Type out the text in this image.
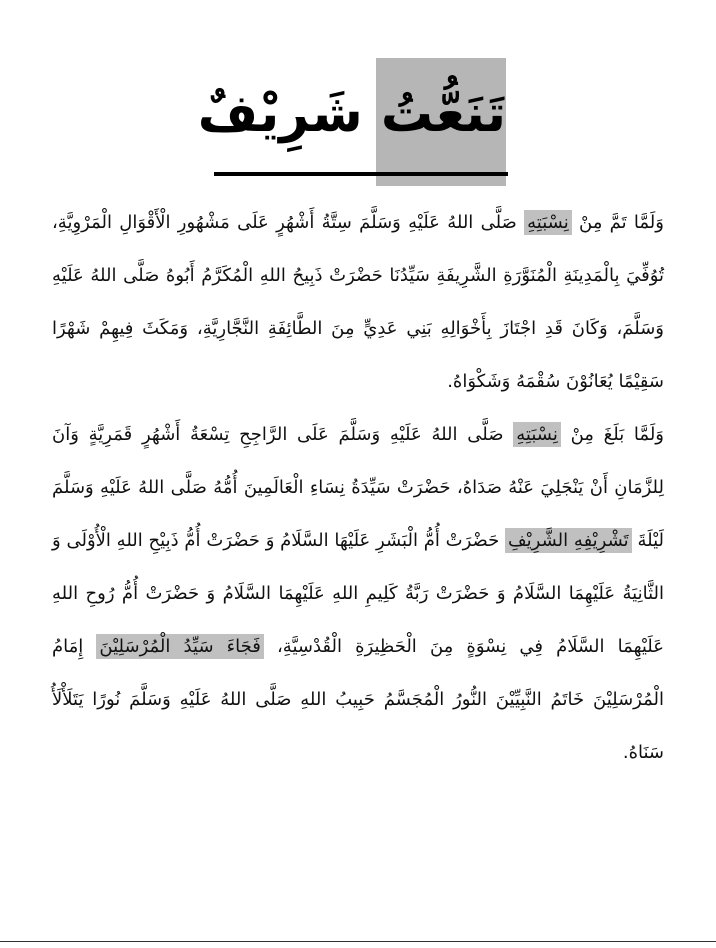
تَنَعُّتُ شَرِيْفٌ

وَلَمَّا تَمَّ مِنْ نِسْبَتِهِ صَلَّى اللهُ عَلَيْهِ وَسَلَّمَ سِتَّةُ أَشْهُرٍ عَلَى مَشْهُورِ الْأَقْوَالِ الْمَرْوِيَّةِ، تُوُفِّيَ بِالْمَدِينَةِ الْمُنَوَّرَةِ الشَّرِيفَةِ سَيِّدُنَا حَضْرَتْ ذَبِيحُ اللهِ الْمُكَرَّمُ أَبُوهُ صَلَّى اللهُ عَلَيْهِ وَسَلَّمَ، وَكَانَ قَدِ اجْتَازَ بِأَخْوَالِهِ بَنِي عَدِيٍّ مِنَ الطَّائِفَةِ النَّجَّارِيَّةِ، وَمَكَثَ فِيهِمْ شَهْرًا سَقِيْمًا يُعَانُوْنَ سُقْمَهُ وَشَكْوَاهُ.

وَلَمَّا بَلَغَ مِنْ نِسْبَتِهِ صَلَّى اللهُ عَلَيْهِ وَسَلَّمَ عَلَى الرَّاجِحِ تِسْعَةُ أَشْهُرٍ قَمَرِيَّةٍ وَآنَ لِلزَّمَانِ أَنْ يَنْجَلِيَ عَنْهُ صَدَاهُ، حَضْرَتْ سَيِّدَةُ نِسَاءِ الْعَالَمِينَ أُمُّهُ صَلَّى اللهُ عَلَيْهِ وَسَلَّمَ لَيْلَةَ تَشْرِيْفِهِ الشَّرِيْفِ حَضْرَتْ أُمُّ الْبَشَرِ عَلَيْهَا السَّلَامُ وَ حَضْرَتْ أُمُّ ذَبِيْحِ اللهِ الْأُوْلَى وَ الثَّانِيَةُ عَلَيْهِمَا السَّلَامُ وَ حَضْرَتْ رَبَّةُ كَلِيمِ اللهِ عَلَيْهِمَا السَّلَامُ وَ حَضْرَتْ أُمُّ رُوحِ اللهِ عَلَيْهِمَا السَّلَامُ فِي نِسْوَةٍ مِنَ الْحَظِيرَةِ الْقُدْسِيَّةِ، فَجَاءَ سَيِّدُ الْمُرْسَلِيْنَ إِمَامُ الْمُرْسَلِيْنَ خَاتَمُ النَّبِيِّيْنَ النُّورُ الْمُجَسَّمُ حَبِيبُ اللهِ صَلَّى اللهُ عَلَيْهِ وَسَلَّمَ نُورًا يَتَلَأْلَأُ سَنَاهُ.
